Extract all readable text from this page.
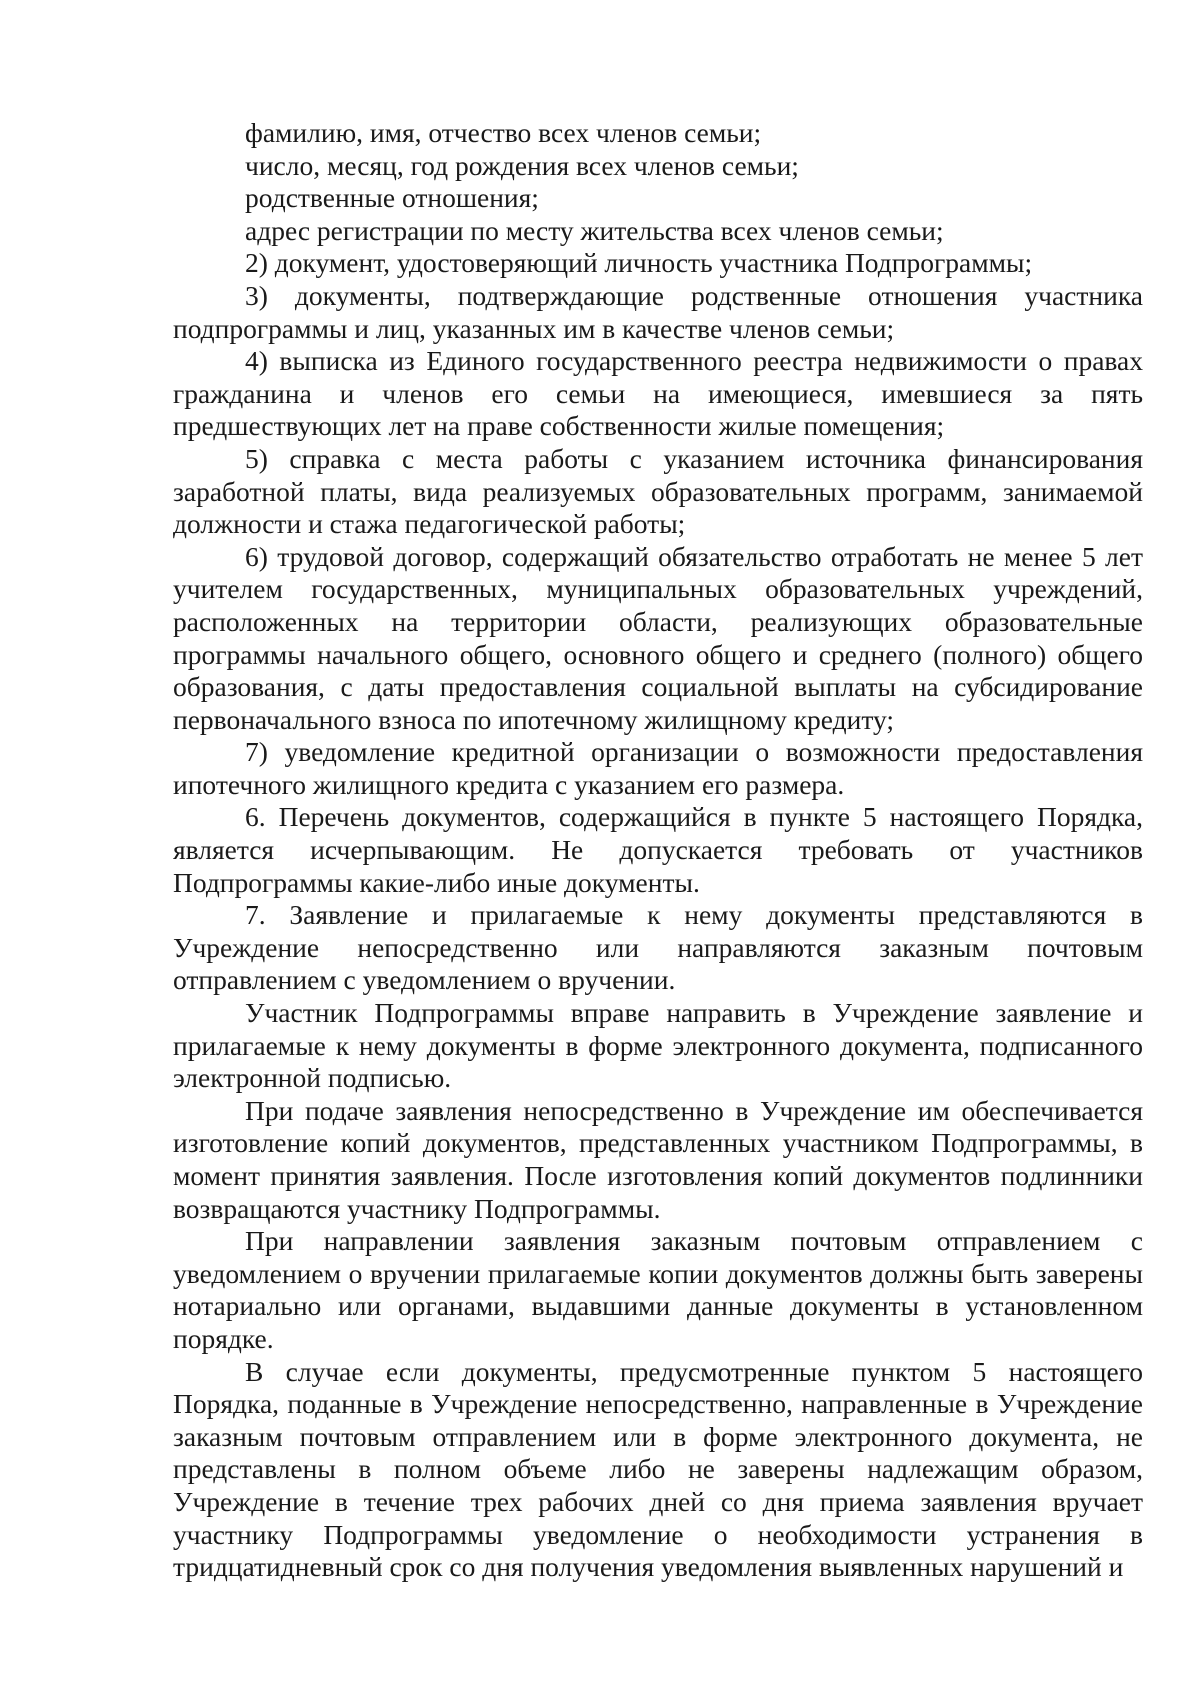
фамилию, имя, отчество всех членов семьи;

число, месяц, год рождения всех членов семьи;

родственные отношения;

адрес регистрации по месту жительства всех членов семьи;

2) документ, удостоверяющий личность участника Подпрограммы;

3) документы, подтверждающие родственные отношения участника подпрограммы и лиц, указанных им в качестве членов семьи;

4) выписка из Единого государственного реестра недвижимости о правах гражданина и членов его семьи на имеющиеся, имевшиеся за пять предшествующих лет на праве собственности жилые помещения;

5) справка с места работы с указанием источника финансирования заработной платы, вида реализуемых образовательных программ, занимаемой должности и стажа педагогической работы;

6) трудовой договор, содержащий обязательство отработать не менее 5 лет учителем государственных, муниципальных образовательных учреждений, расположенных на территории области, реализующих образовательные программы начального общего, основного общего и среднего (полного) общего образования, с даты предоставления социальной выплаты на субсидирование первоначального взноса по ипотечному жилищному кредиту;

7) уведомление кредитной организации о возможности предоставления ипотечного жилищного кредита с указанием его размера.

6. Перечень документов, содержащийся в пункте 5 настоящего Порядка, является исчерпывающим. Не допускается требовать от участников Подпрограммы какие-либо иные документы.

7. Заявление и прилагаемые к нему документы представляются в Учреждение непосредственно или направляются заказным почтовым отправлением с уведомлением о вручении.

Участник Подпрограммы вправе направить в Учреждение заявление и прилагаемые к нему документы в форме электронного документа, подписанного электронной подписью.

При подаче заявления непосредственно в Учреждение им обеспечивается изготовление копий документов, представленных участником Подпрограммы, в момент принятия заявления. После изготовления копий документов подлинники возвращаются участнику Подпрограммы.

При направлении заявления заказным почтовым отправлением с уведомлением о вручении прилагаемые копии документов должны быть заверены нотариально или органами, выдавшими данные документы в установленном порядке.

В случае если документы, предусмотренные пунктом 5 настоящего Порядка, поданные в Учреждение непосредственно, направленные в Учреждение заказным почтовым отправлением или в форме электронного документа, не представлены в полном объеме либо не заверены надлежащим образом, Учреждение в течение трех рабочих дней со дня приема заявления вручает участнику Подпрограммы уведомление о необходимости устранения в тридцатидневный срок со дня получения уведомления выявленных нарушений и
